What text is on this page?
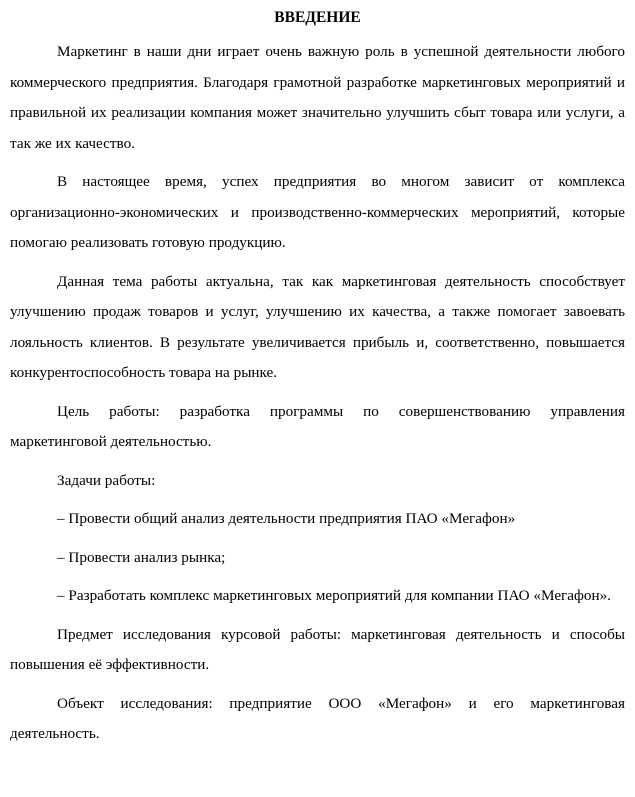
ВВЕДЕНИЕ

Маркетинг в наши дни играет очень важную роль в успешной деятельности любого коммерческого предприятия. Благодаря грамотной разработке маркетинговых мероприятий и правильной их реализации компания может значительно улучшить сбыт товара или услуги, а так же их качество.

В настоящее время, успех предприятия во многом зависит от комплекса организационно-экономических и производственно-коммерческих мероприятий, которые помогаю реализовать готовую продукцию.

Данная тема работы актуальна, так как маркетинговая деятельность способствует улучшению продаж товаров и услуг, улучшению их качества, а также помогает завоевать лояльность клиентов. В результате увеличивается прибыль и, соответственно, повышается конкурентоспособность товара на рынке.

Цель работы: разработка программы по совершенствованию управления маркетинговой деятельностью.

Задачи работы:

– Провести общий анализ деятельности предприятия ПАО «Мегафон»

– Провести анализ рынка;

– Разработать комплекс маркетинговых мероприятий для компании ПАО «Мегафон».

Предмет исследования курсовой работы: маркетинговая деятельность и способы повышения её эффективности.

Объект исследования: предприятие ООО «Мегафон» и его маркетинговая деятельность.
